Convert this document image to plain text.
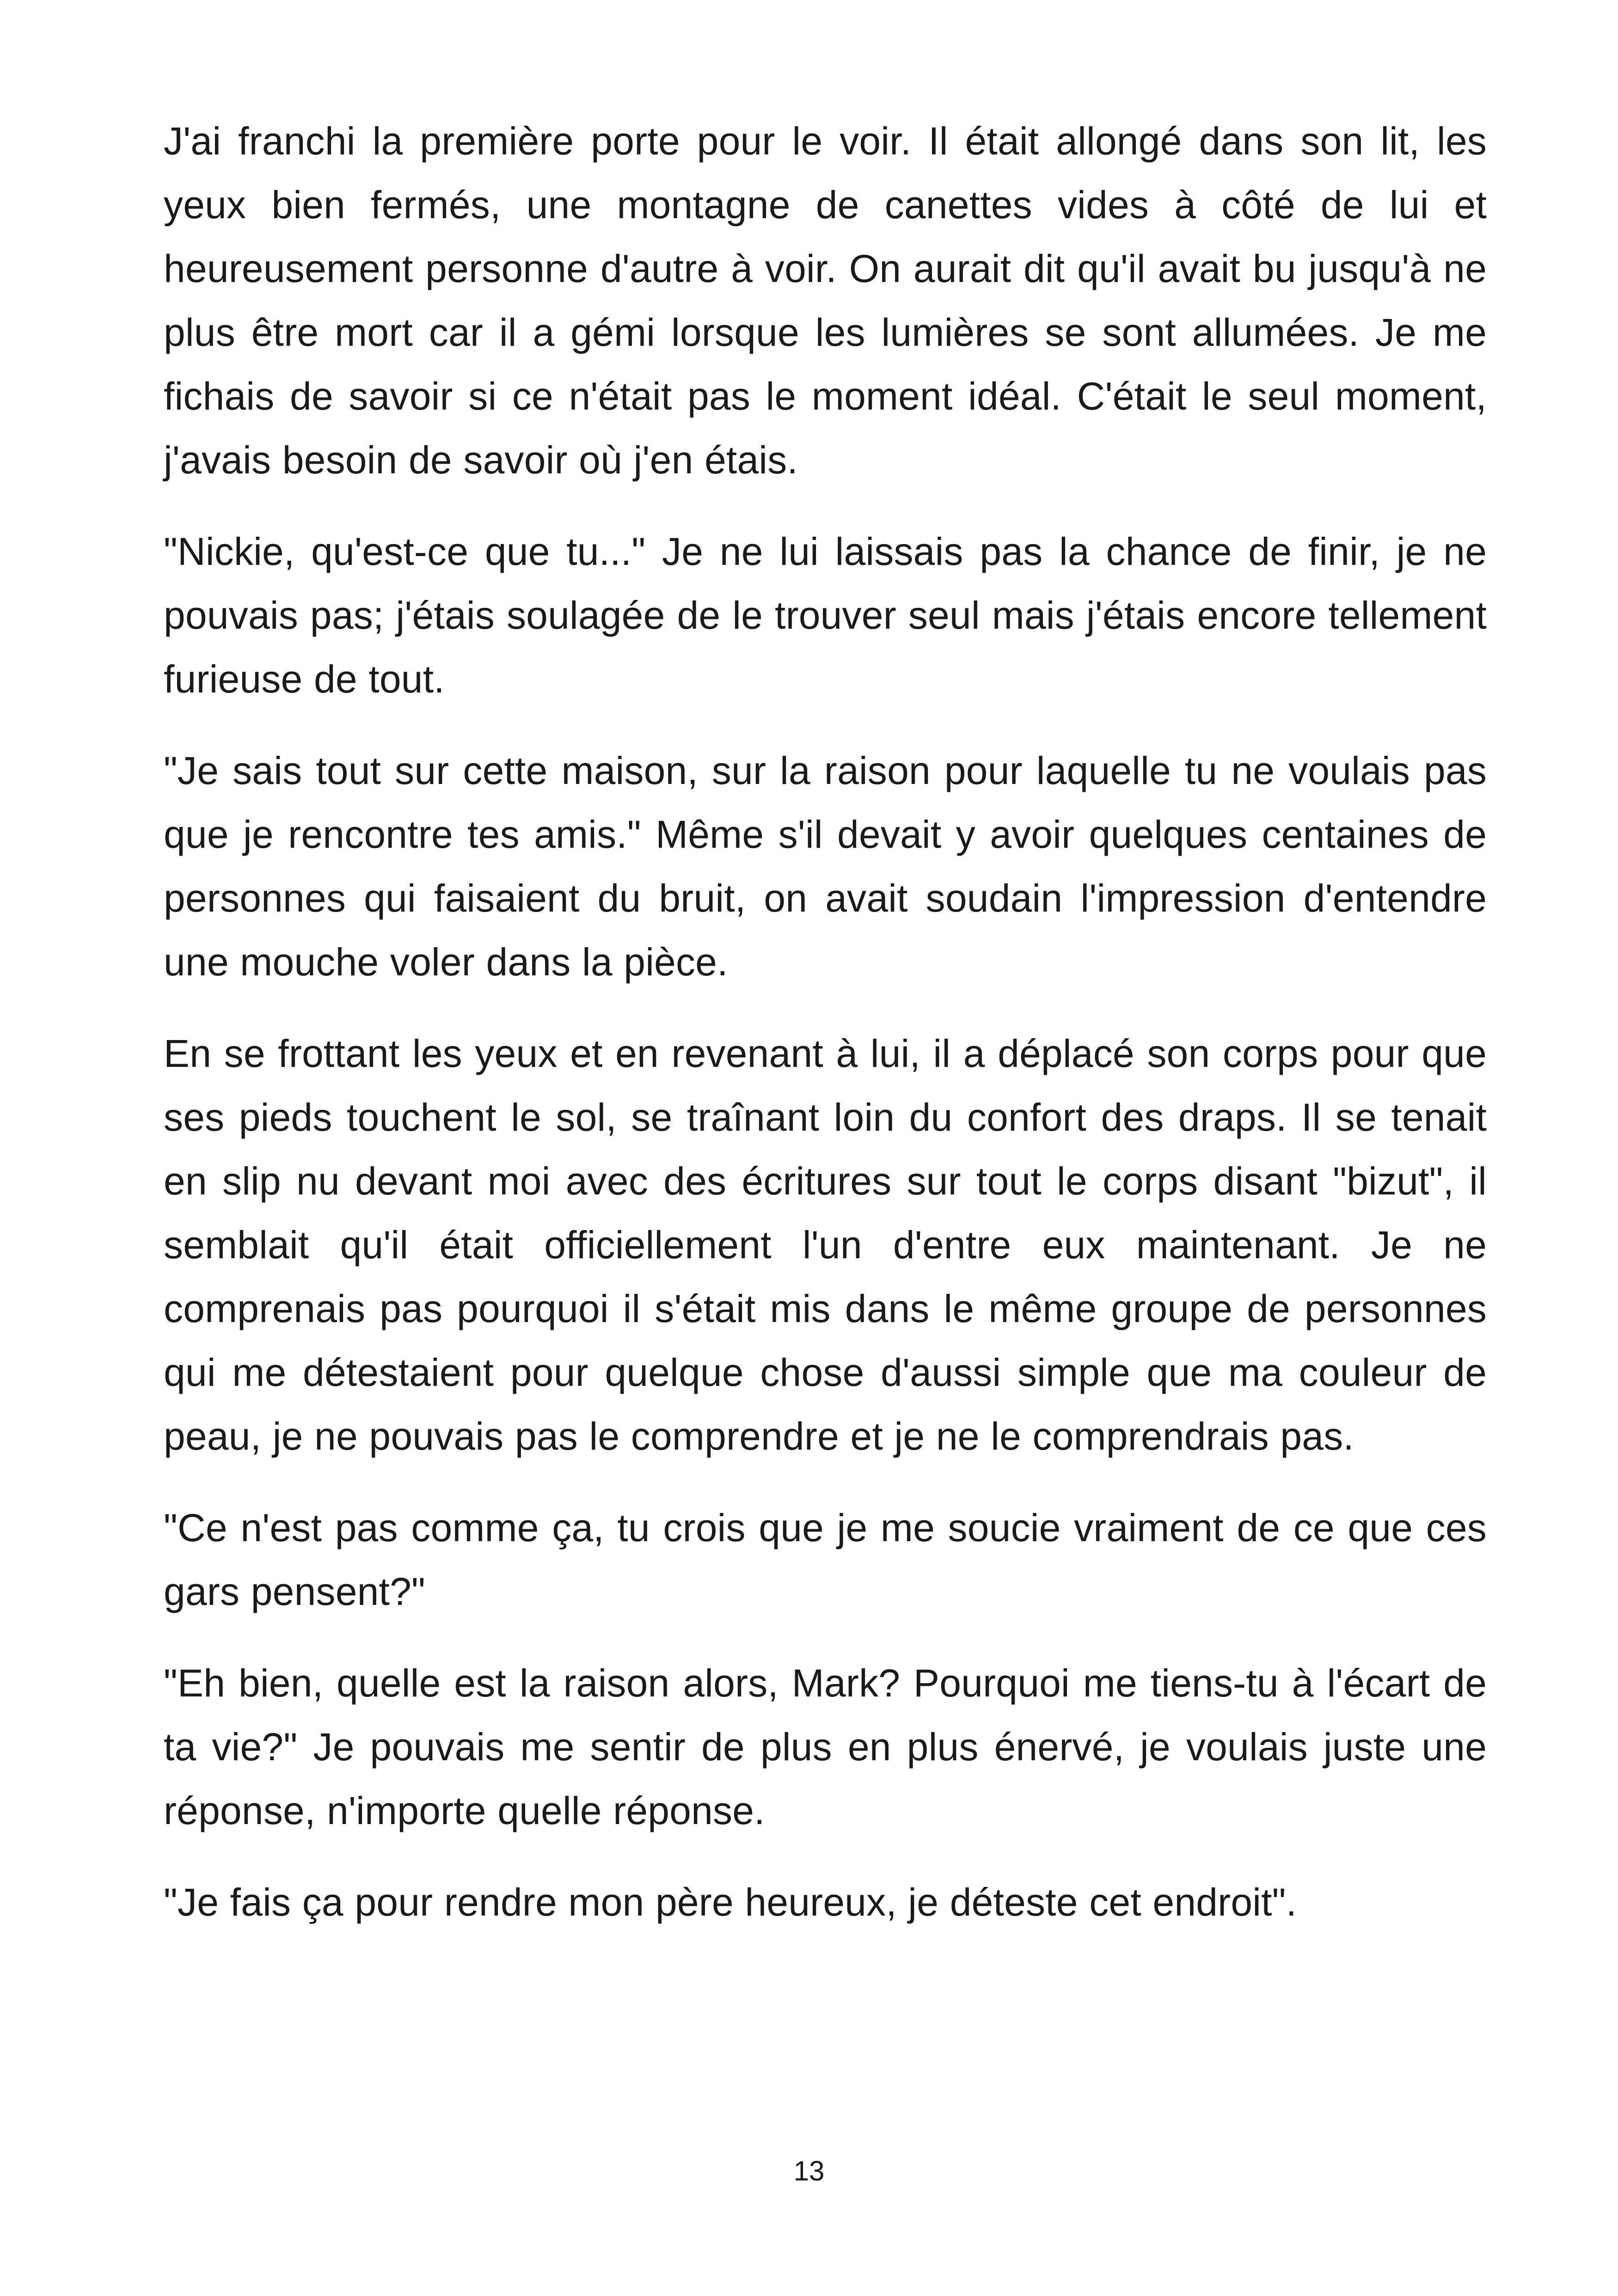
J'ai franchi la première porte pour le voir. Il était allongé dans son lit, les yeux bien fermés, une montagne de canettes vides à côté de lui et heureusement personne d'autre à voir. On aurait dit qu'il avait bu jusqu'à ne plus être mort car il a gémi lorsque les lumières se sont allumées. Je me fichais de savoir si ce n'était pas le moment idéal. C'était le seul moment, j'avais besoin de savoir où j'en étais.

"Nickie, qu'est-ce que tu..." Je ne lui laissais pas la chance de finir, je ne pouvais pas; j'étais soulagée de le trouver seul mais j'étais encore tellement furieuse de tout.

"Je sais tout sur cette maison, sur la raison pour laquelle tu ne voulais pas que je rencontre tes amis." Même s'il devait y avoir quelques centaines de personnes qui faisaient du bruit, on avait soudain l'impression d'entendre une mouche voler dans la pièce.

En se frottant les yeux et en revenant à lui, il a déplacé son corps pour que ses pieds touchent le sol, se traînant loin du confort des draps. Il se tenait en slip nu devant moi avec des écritures sur tout le corps disant "bizut", il semblait qu'il était officiellement l'un d'entre eux maintenant. Je ne comprenais pas pourquoi il s'était mis dans le même groupe de personnes qui me détestaient pour quelque chose d'aussi simple que ma couleur de peau, je ne pouvais pas le comprendre et je ne le comprendrais pas.

"Ce n'est pas comme ça, tu crois que je me soucie vraiment de ce que ces gars pensent?"

"Eh bien, quelle est la raison alors, Mark? Pourquoi me tiens-tu à l'écart de ta vie?" Je pouvais me sentir de plus en plus énervé, je voulais juste une réponse, n'importe quelle réponse.

"Je fais ça pour rendre mon père heureux, je déteste cet endroit".

13
